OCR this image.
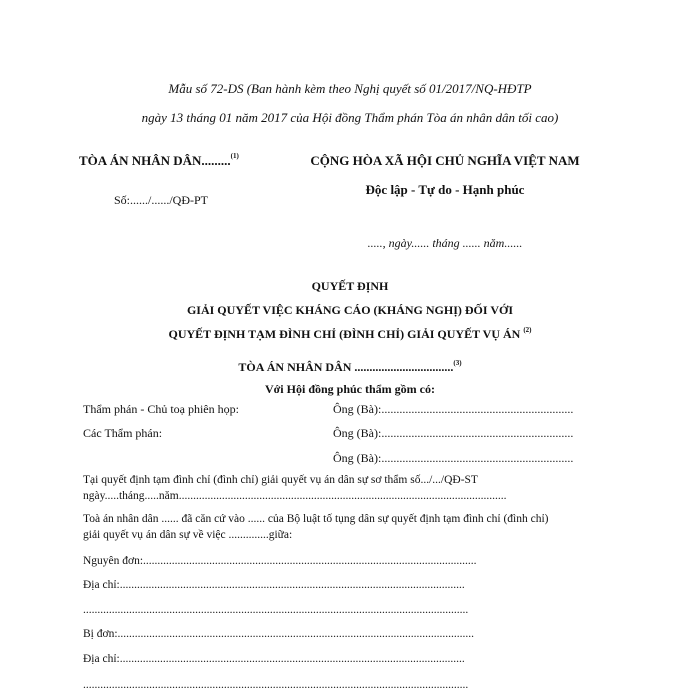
Mẫu số 72-DS (Ban hành kèm theo Nghị quyết số 01/2017/NQ-HĐTP
ngày 13 tháng 01 năm 2017 của Hội đồng Thẩm phán Tòa án nhân dân tối cao)
TÒA ÁN NHÂN DÂN.........$^{(1)}$
Số:....../....../QĐ-PT
CỘNG HÒA XÃ HỘI CHỦ NGHĨA VIỆT NAM
Độc lập - Tự do - Hạnh phúc
....., ngày...... tháng ...... năm......
QUYẾT ĐỊNH
GIẢI QUYẾT VIỆC KHÁNG CÁO (KHÁNG NGHỊ) ĐỐI VỚI
QUYẾT ĐỊNH TẠM ĐÌNH CHỈ (ĐÌNH CHỈ) GIẢI QUYẾT VỤ ÁN $^{(2)}$
TÒA ÁN NHÂN DÂN .................................$^{(3)}$
Với Hội đồng phúc thẩm gồm có:
Thẩm phán - Chủ toạ phiên họp:	Ông (Bà):................................................................
Các Thẩm phán:	Ông (Bà):................................................................
Ông (Bà):................................................................
Tại quyết định tạm đình chỉ (đình chỉ) giải quyết vụ án dân sự sơ thẩm số.../.../QĐ-ST
ngày.....tháng.....năm..................................................................................................................
Toà án nhân dân ...... đã căn cứ vào ...... của Bộ luật tố tụng dân sự quyết định tạm đình chỉ (đình chỉ)
giải quyết vụ án dân sự về việc ..............giữa:
Nguyên đơn:....................................................................................................................
Địa chỉ:........................................................................................................................
......................................................................................................................................
Bị đơn:............................................................................................................................
Địa chỉ:........................................................................................................................
......................................................................................................................................
